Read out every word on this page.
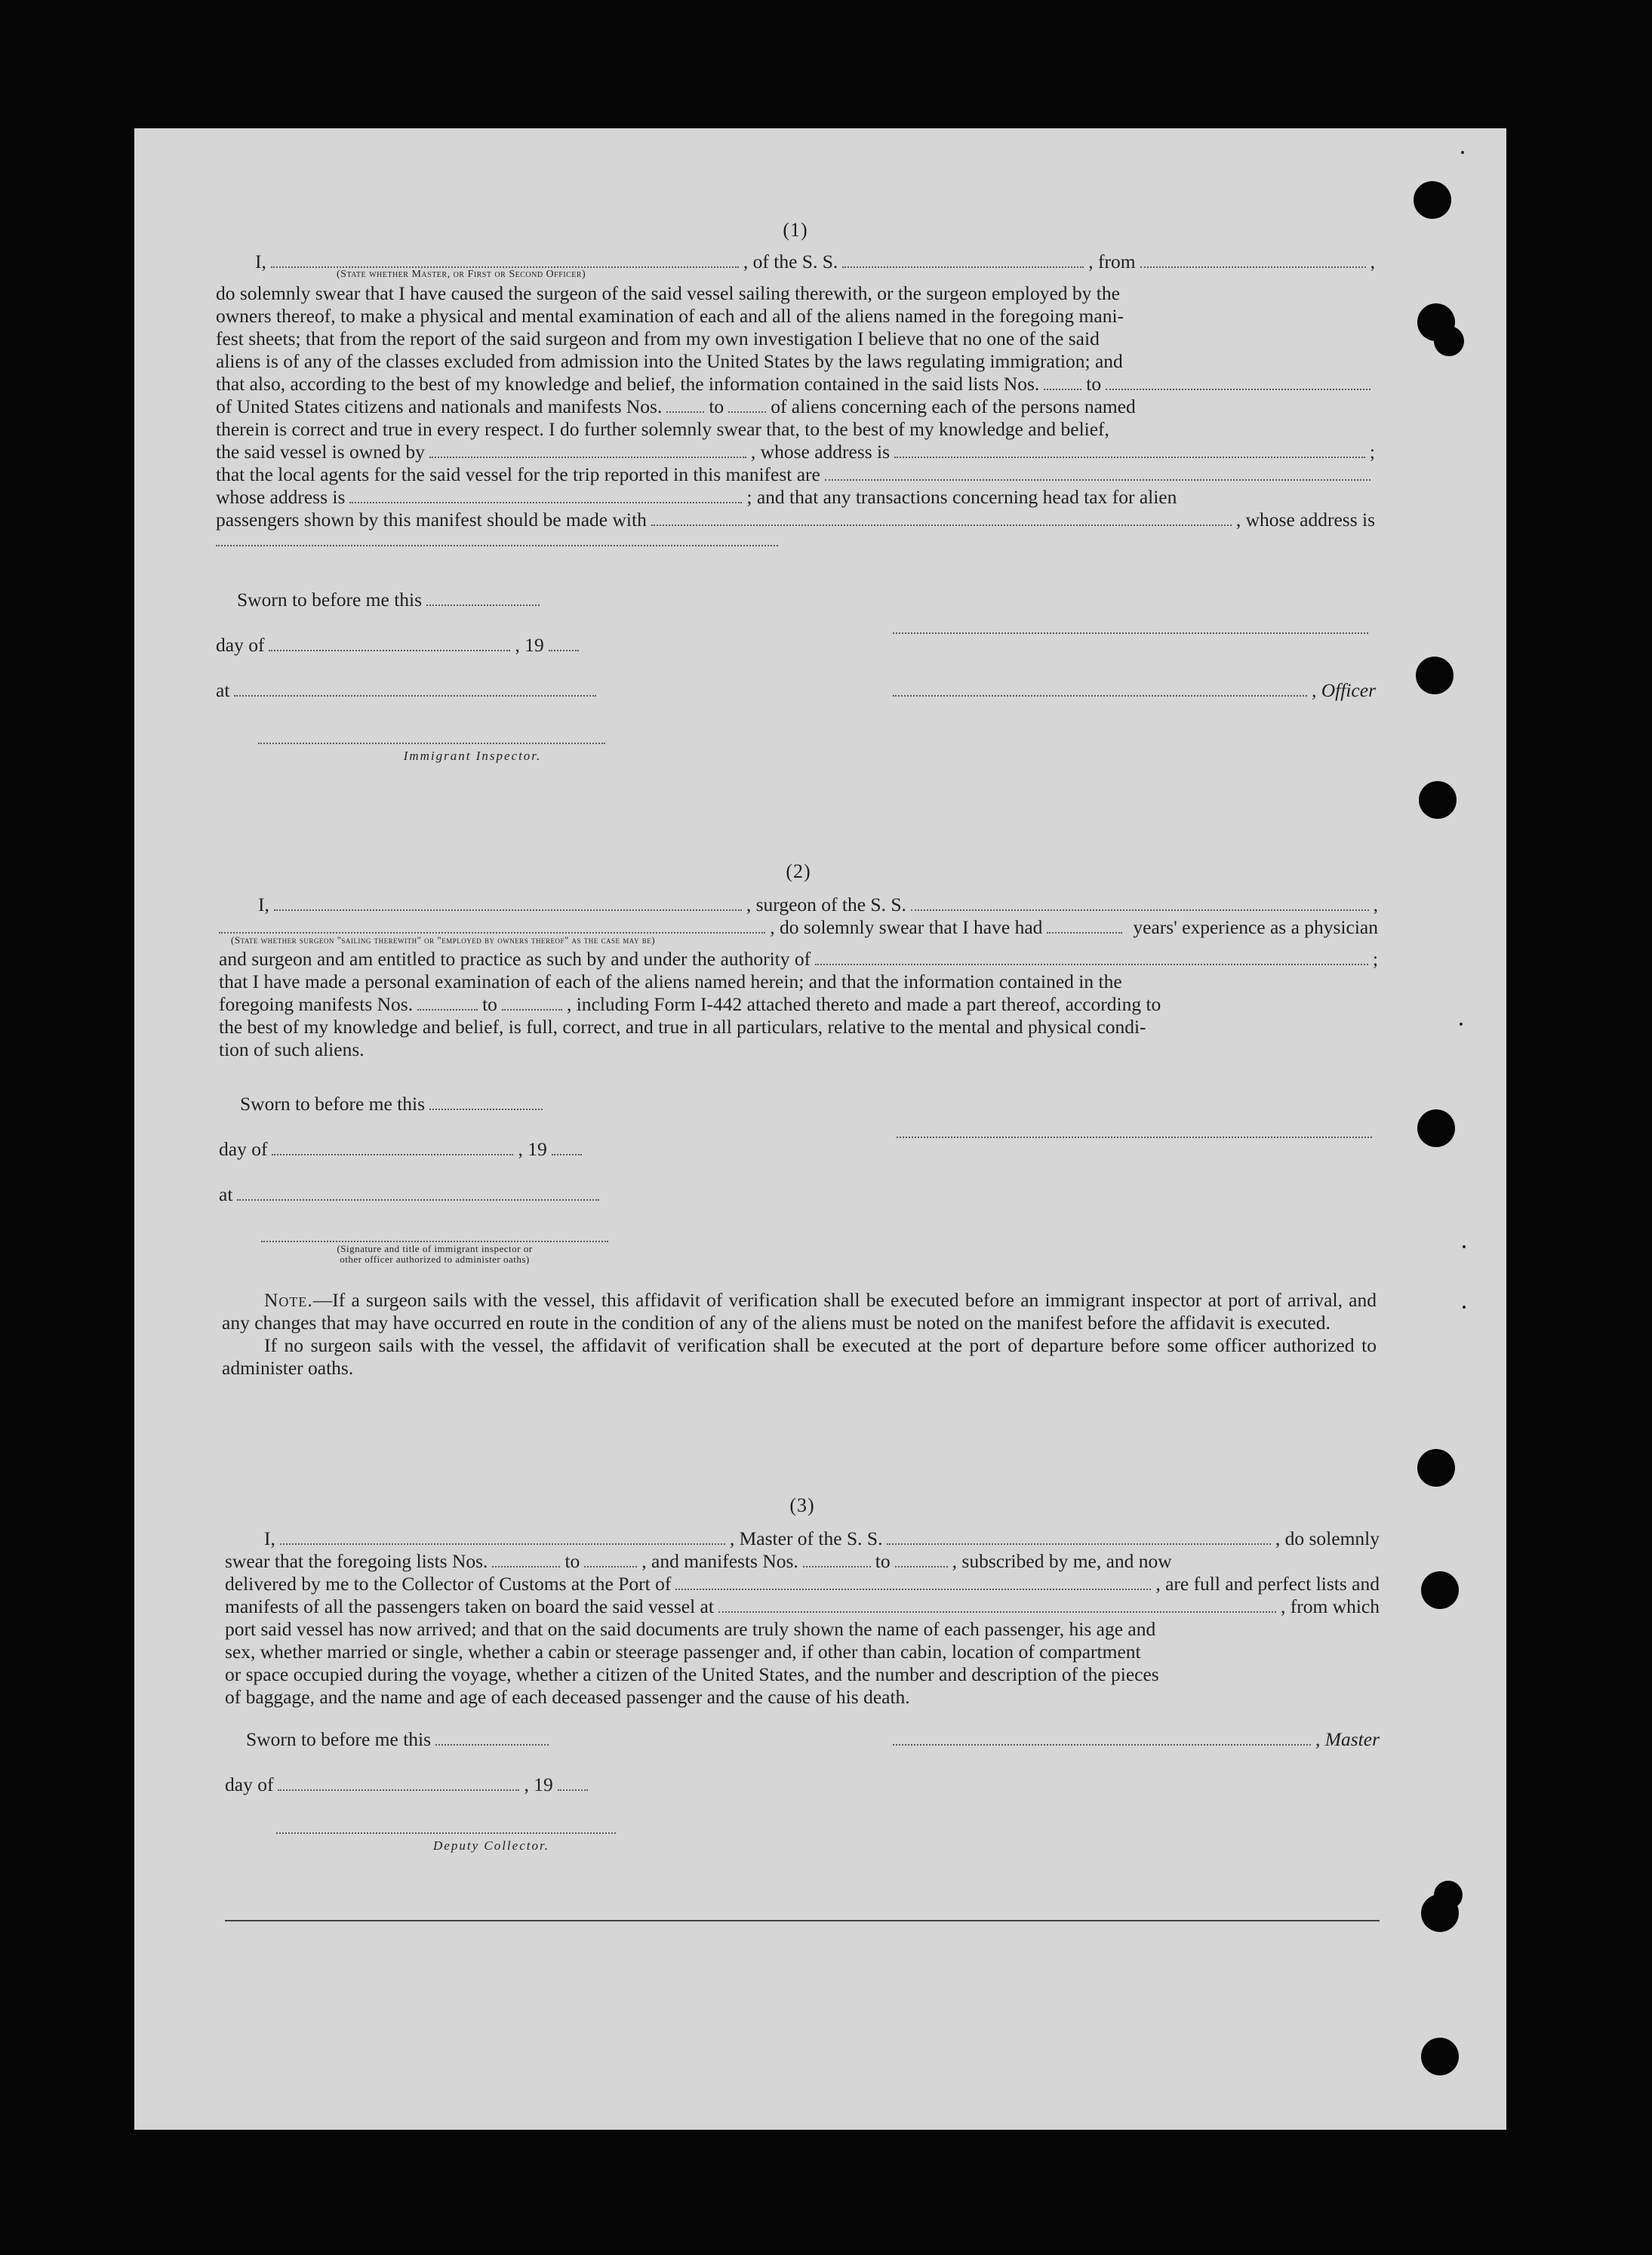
(1)
I,	, of the S. S.	, from	,
(State whether Master, or First or Second Officer)
do solemnly swear that I have caused the surgeon of the said vessel sailing therewith, or the surgeon employed by the
owners thereof, to make a physical and mental examination of each and all of the aliens named in the foregoing mani-
fest sheets; that from the report of the said surgeon and from my own investigation I believe that no one of the said
aliens is of any of the classes excluded from admission into the United States by the laws regulating immigration; and
that also, according to the best of my knowledge and belief, the information contained in the said lists Nos. to
of United States citizens and nationals and manifests Nos. to of aliens concerning each of the persons named
therein is correct and true in every respect. I do further solemnly swear that, to the best of my knowledge and belief,
the said vessel is owned by	, whose address is	;
that the local agents for the said vessel for the trip reported in this manifest are
whose address is	; and that any transactions concerning head tax for alien
passengers shown by this manifest should be made with	, whose address is
Sworn to before me this
day of	, 19
at
Immigrant Inspector.
, Officer
(2)
I,	, surgeon of the S. S.	,
, do solemnly swear that I have had	years' experience as a physician
(State whether surgeon "sailing therewith" or "employed by owners thereof" as the case may be)
and surgeon and am entitled to practice as such by and under the authority of	;
that I have made a personal examination of each of the aliens named herein; and that the information contained in the
foregoing manifests Nos.	to	, including Form I-442 attached thereto and made a part thereof, according to
the best of my knowledge and belief, is full, correct, and true in all particulars, relative to the mental and physical condi-
tion of such aliens.
Sworn to before me this
day of	, 19
at
(Signature and title of immigrant inspector or
other officer authorized to administer oaths)
Note.—If a surgeon sails with the vessel, this affidavit of verification shall be executed before an immigrant inspector at port of arrival, and any changes that may have occurred en route in the condition of any of the aliens must be noted on the manifest before the affidavit is executed.
If no surgeon sails with the vessel, the affidavit of verification shall be executed at the port of departure before some officer authorized to administer oaths.
(3)
I,	, Master of the S. S.	, do solemnly
swear that the foregoing lists Nos.	to	, and manifests Nos.	to	, subscribed by me, and now
delivered by me to the Collector of Customs at the Port of	, are full and perfect lists and
manifests of all the passengers taken on board the said vessel at	, from which
port said vessel has now arrived; and that on the said documents are truly shown the name of each passenger, his age and
sex, whether married or single, whether a cabin or steerage passenger and, if other than cabin, location of compartment
or space occupied during the voyage, whether a citizen of the United States, and the number and description of the pieces
of baggage, and the name and age of each deceased passenger and the cause of his death.
Sworn to before me this
day of	, 19
Deputy Collector.
, Master
